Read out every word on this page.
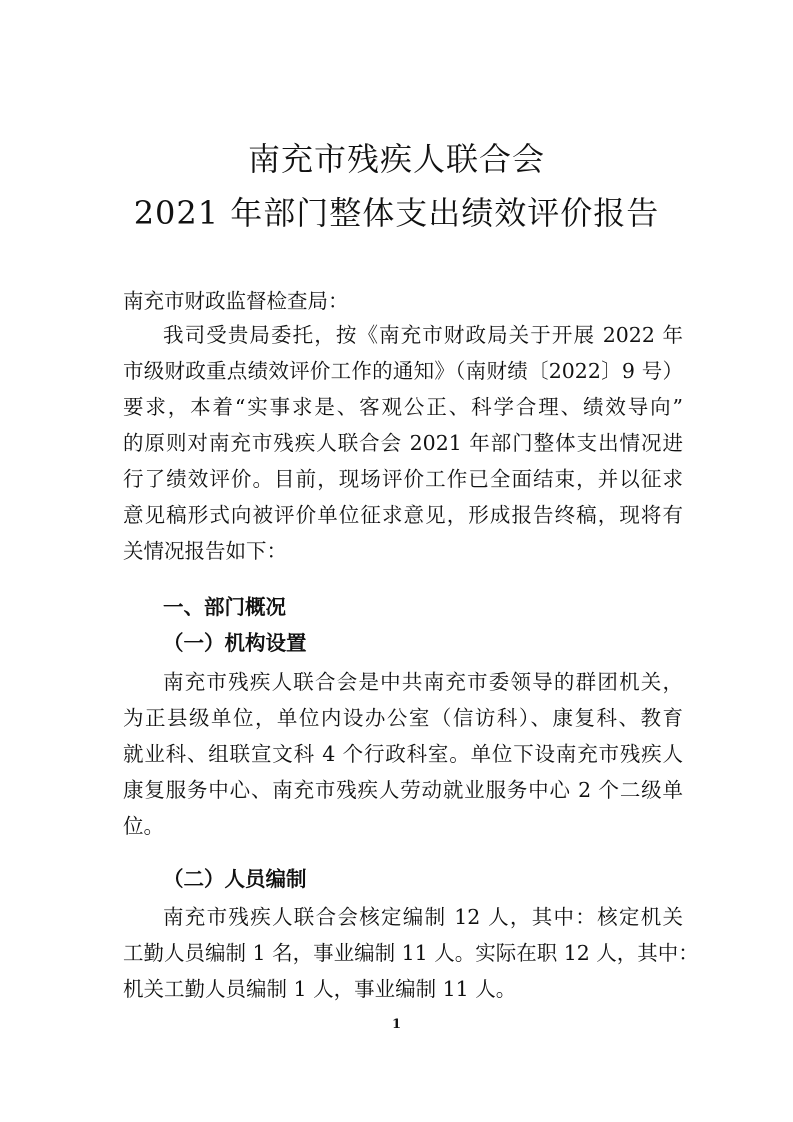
南充市残疾人联合会
2021 年部门整体支出绩效评价报告
南充市财政监督检查局：
我司受贵局委托，按《南充市财政局关于开展 2022 年
市级财政重点绩效评价工作的通知》（南财绩〔2022〕9 号）
要求，本着“实事求是、客观公正、科学合理、绩效导向”
的原则对南充市残疾人联合会 2021 年部门整体支出情况进
行了绩效评价。目前，现场评价工作已全面结束，并以征求
意见稿形式向被评价单位征求意见，形成报告终稿，现将有
关情况报告如下：
一、部门概况
（一）机构设置
南充市残疾人联合会是中共南充市委领导的群团机关，
为正县级单位，单位内设办公室（信访科）、康复科、教育
就业科、组联宣文科 4 个行政科室。单位下设南充市残疾人
康复服务中心、南充市残疾人劳动就业服务中心 2 个二级单
位。
（二）人员编制
南充市残疾人联合会核定编制 12 人，其中：核定机关
工勤人员编制 1 名，事业编制 11 人。实际在职 12 人，其中：
机关工勤人员编制 1 人，事业编制 11 人。
1
